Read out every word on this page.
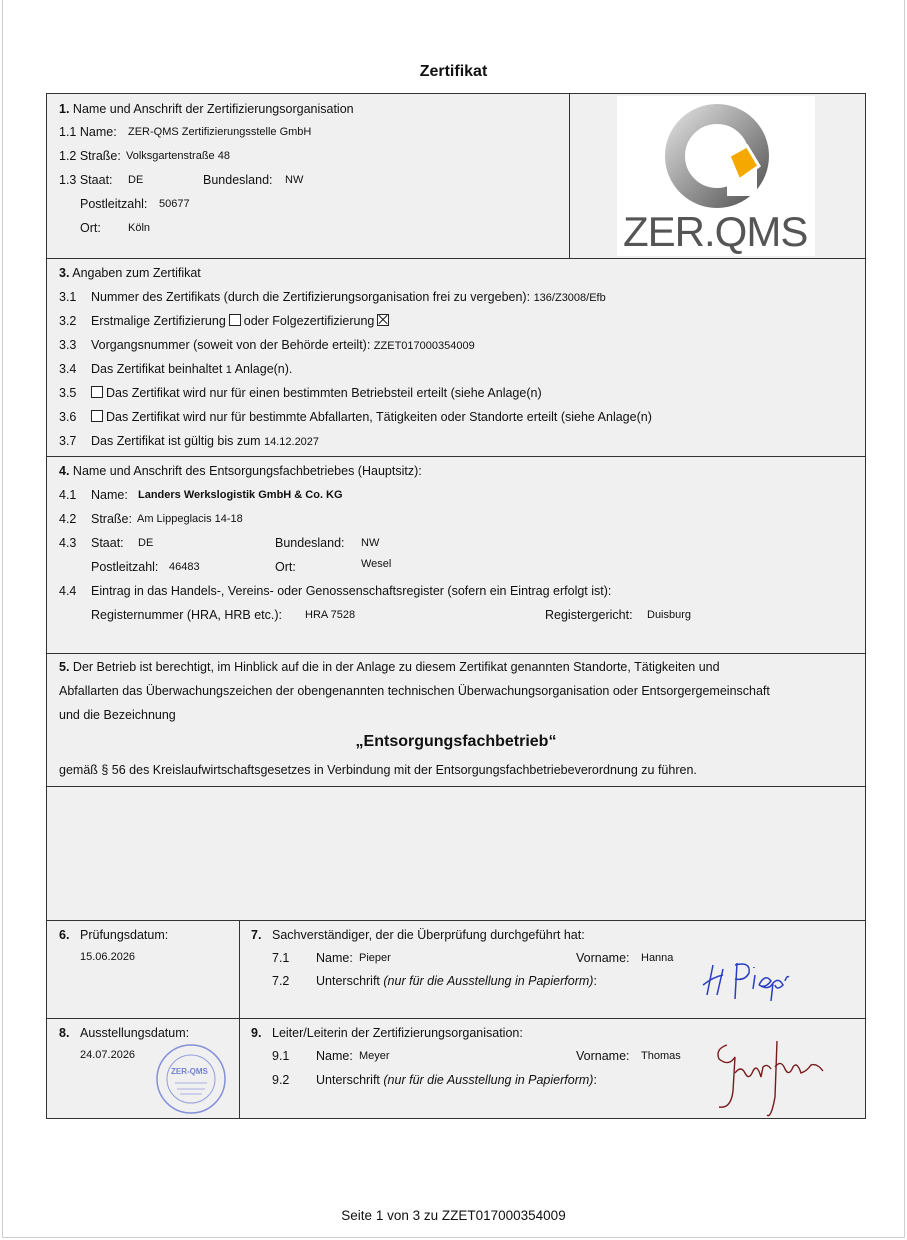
Zertifikat
1. Name und Anschrift der Zertifizierungsorganisation
1.1 Name: ZER-QMS Zertifizierungsstelle GmbH
1.2 Straße: Volksgartenstraße 48
1.3 Staat: DE	Bundesland: NW
Postleitzahl: 50677
Ort: Köln	ZER.QMS
3. Angaben zum Zertifikat
3.1 Nummer des Zertifikats (durch die Zertifizierungsorganisation frei zu vergeben): 136/Z3008/Efb
3.2 Erstmalige Zertifizierung oder Folgezertifizierung
3.3 Vorgangsnummer (soweit von der Behörde erteilt): ZZET017000354009
3.4 Das Zertifikat beinhaltet 1 Anlage(n).
3.5	Das Zertifikat wird nur für einen bestimmten Betriebsteil erteilt (siehe Anlage(n)
3.6	Das Zertifikat wird nur für bestimmte Abfallarten, Tätigkeiten oder Standorte erteilt (siehe Anlage(n)
3.7 Das Zertifikat ist gültig bis zum 14.12.2027
4. Name und Anschrift des Entsorgungsfachbetriebes (Hauptsitz):
4.1 Name: Landers Werkslogistik GmbH & Co. KG
4.2 Straße: Am Lippeglacis 14-18
4.3 Staat: DE	Bundesland: NW
Postleitzahl: 46483	Ort:	Wesel
4.4 Eintrag in das Handels-, Vereins- oder Genossenschaftsregister (sofern ein Eintrag erfolgt ist):
Registernummer (HRA, HRB etc.): HRA 7528	Registergericht: Duisburg
5. Der Betrieb ist berechtigt, im Hinblick auf die in der Anlage zu diesem Zertifikat genannten Standorte, Tätigkeiten und
Abfallarten das Überwachungszeichen der obengenannten technischen Überwachungsorganisation oder Entsorgergemeinschaft
und die Bezeichnung
„Entsorgungsfachbetrieb“
gemäß § 56 des Kreislaufwirtschaftsgesetzes in Verbindung mit der Entsorgungsfachbetriebeverordnung zu führen.
6. Prüfungsdatum:
15.06.2026
7. Sachverständiger, der die Überprüfung durchgeführt hat:
7.1 Name: Pieper	Vorname: Hanna
7.2 Unterschrift (nur für die Ausstellung in Papierform):
8. Ausstellungsdatum:
24.07.2026
ZER-QMS
9. Leiter/Leiterin der Zertifizierungsorganisation:
9.1 Name: Meyer	Vorname: Thomas
9.2 Unterschrift (nur für die Ausstellung in Papierform):
Seite 1 von 3 zu ZZET017000354009
